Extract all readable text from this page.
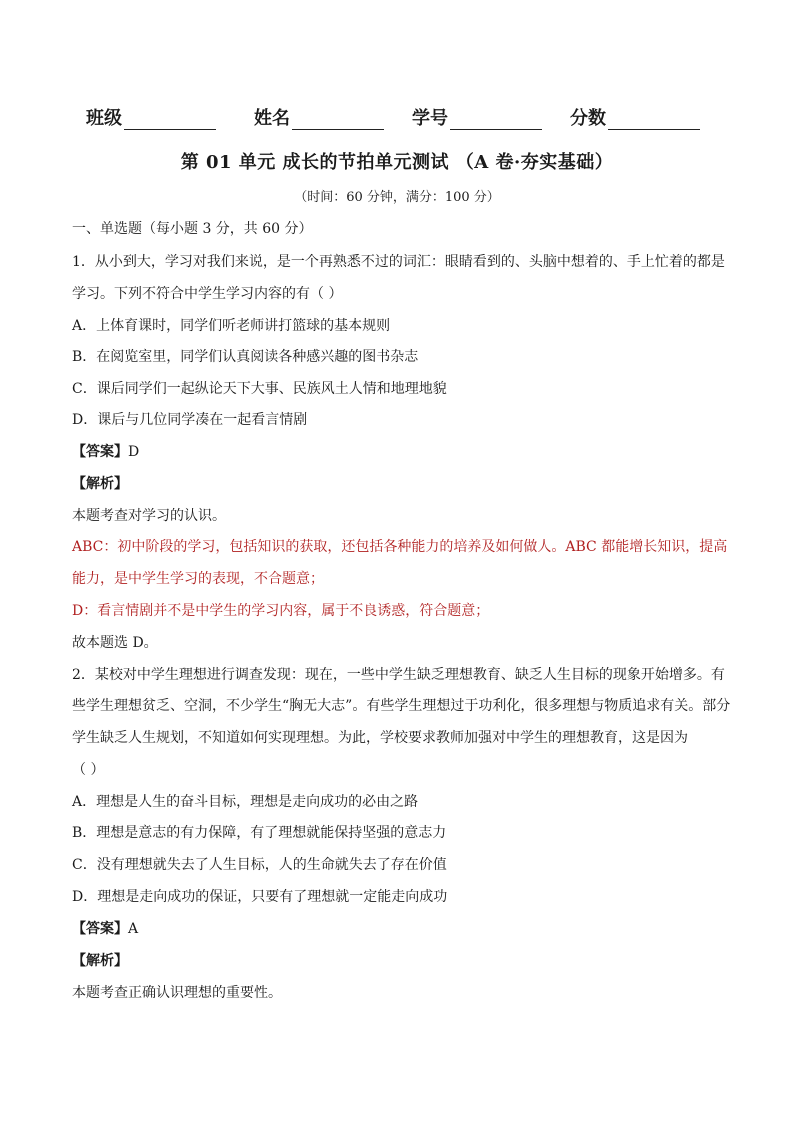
班级	姓名	学号	分数
第 01 单元 成长的节拍单元测试 （A 卷·夯实基础）
（时间：60 分钟，满分：100 分）
一、单选题（每小题 3 分，共 60 分）
1．从小到大，学习对我们来说，是一个再熟悉不过的词汇：眼睛看到的、头脑中想着的、手上忙着的都是
学习。下列不符合中学生学习内容的有（ ）
A．上体育课时，同学们听老师讲打篮球的基本规则
B．在阅览室里，同学们认真阅读各种感兴趣的图书杂志
C．课后同学们一起纵论天下大事、民族风土人情和地理地貌
D．课后与几位同学凑在一起看言情剧
【答案】D
【解析】
本题考查对学习的认识。
ABC：初中阶段的学习，包括知识的获取，还包括各种能力的培养及如何做人。ABC 都能增长知识，提高
能力，是中学生学习的表现，不合题意；
D：看言情剧并不是中学生的学习内容，属于不良诱惑，符合题意；
故本题选 D。
2．某校对中学生理想进行调查发现：现在，一些中学生缺乏理想教育、缺乏人生目标的现象开始增多。有
些学生理想贫乏、空洞，不少学生“胸无大志”。有些学生理想过于功利化，很多理想与物质追求有关。部分
学生缺乏人生规划，不知道如何实现理想。为此，学校要求教师加强对中学生的理想教育，这是因为
（ ）
A．理想是人生的奋斗目标，理想是走向成功的必由之路
B．理想是意志的有力保障，有了理想就能保持坚强的意志力
C．没有理想就失去了人生目标，人的生命就失去了存在价值
D．理想是走向成功的保证，只要有了理想就一定能走向成功
【答案】A
【解析】
本题考查正确认识理想的重要性。
